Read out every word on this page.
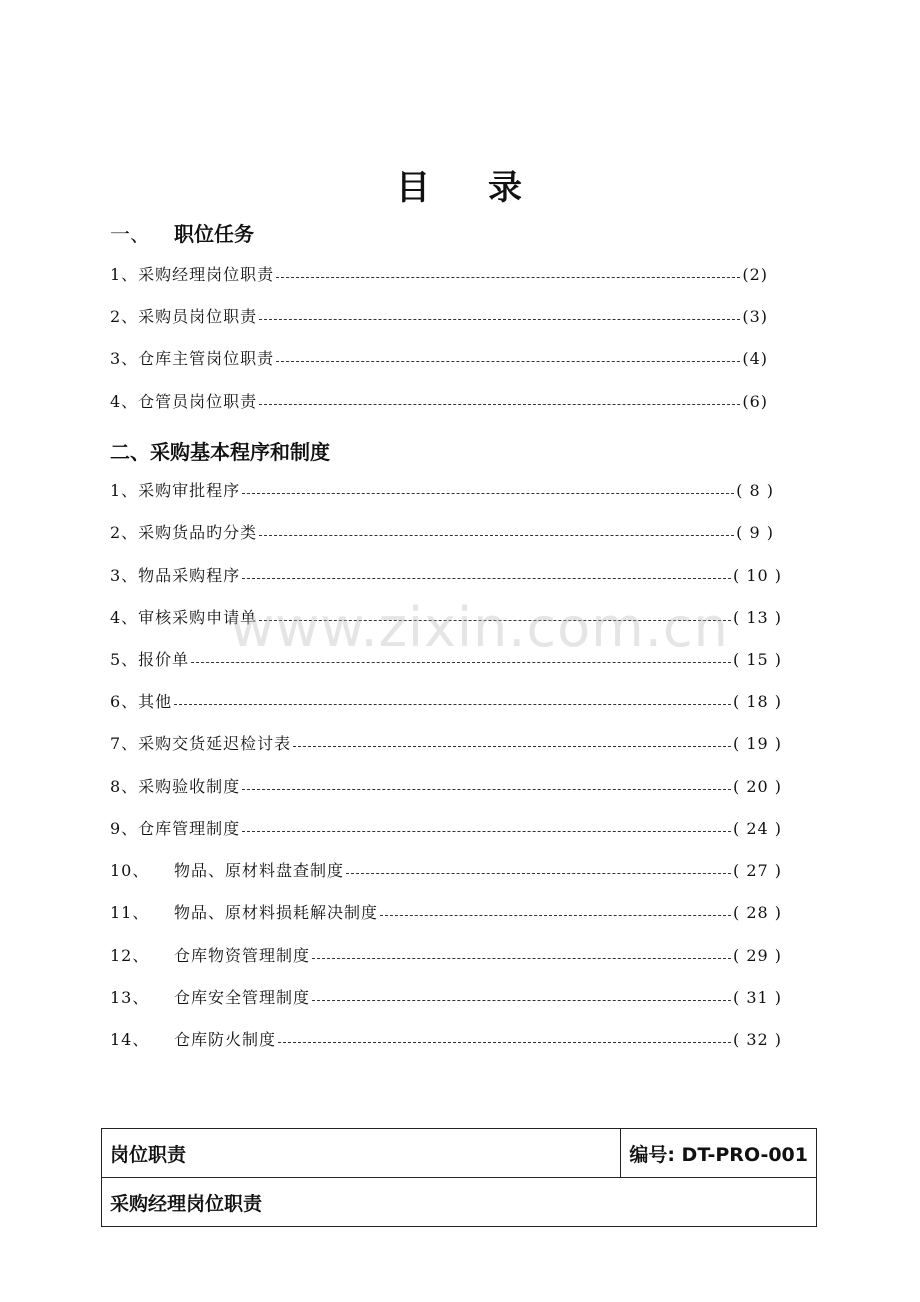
目 录
一、 职位任务
1、采购经理岗位职责	(2)
2、采购员岗位职责	(3)
3、仓库主管岗位职责	(4)
4、仓管员岗位职责	(6)
二、采购基本程序和制度
1、采购审批程序	( 8 )
2、采购货品旳分类	( 9 )
3、物品采购程序	( 10 )
4、审核采购申请单	( 13 )
5、报价单	( 15 )
6、其他	( 18 )
7、采购交货延迟检讨表	( 19 )
8、采购验收制度	( 20 )
9、仓库管理制度	( 24 )
10、 物品、原材料盘查制度	( 27 )
11、 物品、原材料损耗解决制度	( 28 )
12、 仓库物资管理制度	( 29 )
13、 仓库安全管理制度	( 31 )
14、 仓库防火制度	( 32 )
www.zixin.com.cn
岗位职责	编号: DT-PRO-001
采购经理岗位职责
